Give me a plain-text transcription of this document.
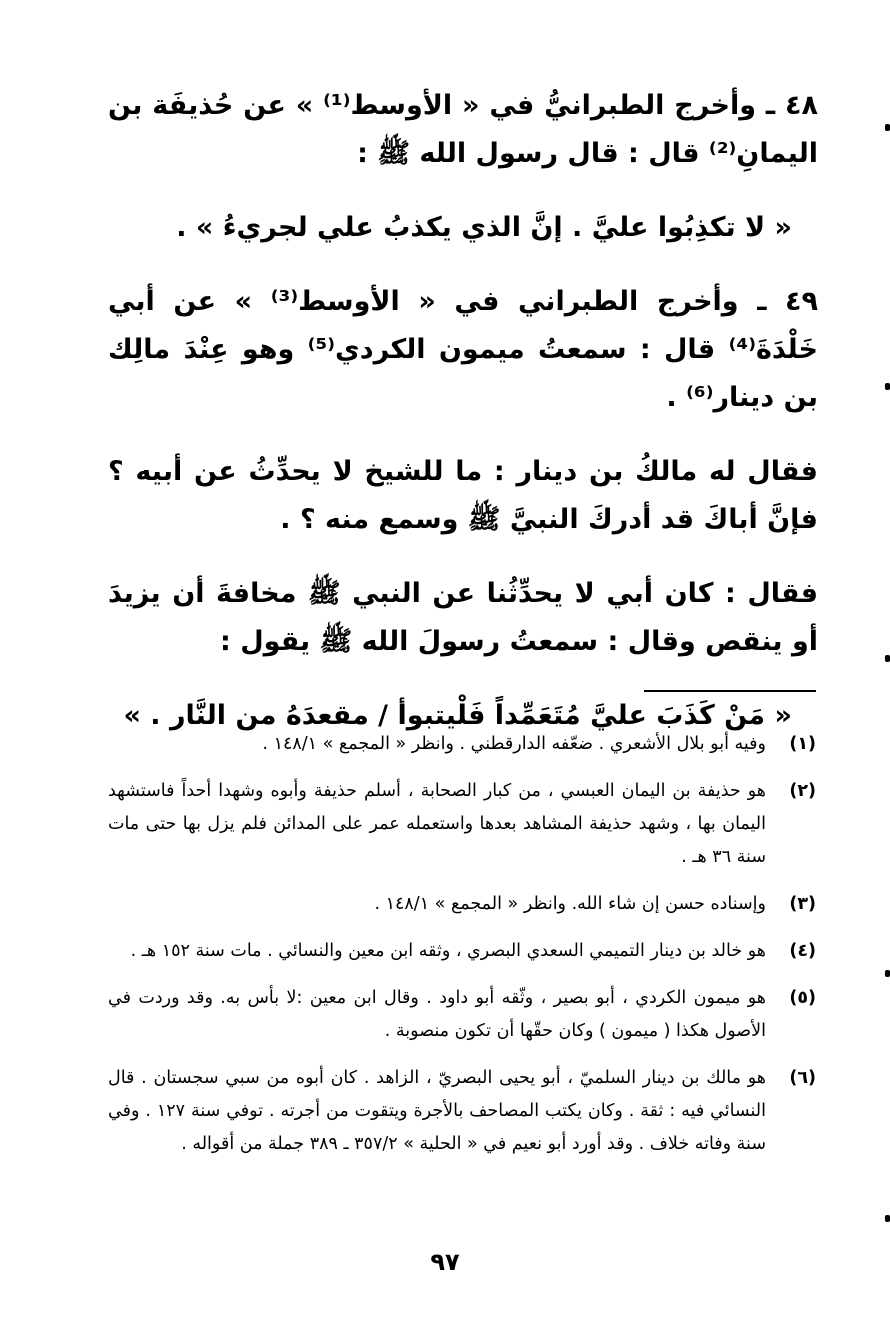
٤٨ ـ وأخرج الطبرانيُّ في « الأوسط⁽¹⁾ » عن حُذيفَة بن اليمانِ⁽²⁾ قال : قال رسول الله ﷺ :

« لا تكذِبُوا عليَّ . إنَّ الذي يكذبُ علي لجريءُ » .

٤٩ ـ وأخرج الطبراني في « الأوسط⁽³⁾ » عن أبي خَلْدَةَ⁽⁴⁾ قال : سمعتُ ميمون الكردي⁽⁵⁾ وهو عِنْدَ مالِك بن دينار⁽⁶⁾ .

فقال له مالكُ بن دينار : ما للشيخ لا يحدِّثُ عن أبيه ؟ فإنَّ أباكَ قد أدركَ النبيَّ ﷺ وسمع منه ؟ .

فقال : كان أبي لا يحدِّثُنا عن النبي ﷺ مخافةَ أن يزيدَ أو ينقص وقال : سمعتُ رسولَ الله ﷺ يقول :

« مَنْ كَذَبَ عليَّ مُتَعَمِّداً فَلْيتبوأ / مقعدَهُ من النَّار . »

(١)
وفيه أبو بلال الأشعري . ضعّفه الدارقطني . وانظر « المجمع » ١٤٨/١ .
(٢)
هو حذيفة بن اليمان العبسي ، من كبار الصحابة ، أسلم حذيفة وأبوه وشهدا أحداً فاستشهد اليمان بها ، وشهد حذيفة المشاهد بعدها واستعمله عمر على المدائن فلم يزل بها حتى مات سنة ٣٦ هـ .
(٣)
وإسناده حسن إن شاء الله. وانظر « المجمع » ١٤٨/١ .
(٤)
هو خالد بن دينار التميمي السعدي البصري ، وثقه ابن معين والنسائي . مات سنة ١٥٢ هـ .
(٥)
هو ميمون الكردي ، أبو بصير ، وثّقه أبو داود . وقال ابن معين :لا بأس به. وقد وردت في الأصول هكذا ( ميمون ) وكان حقّها أن تكون منصوبة .
(٦)
هو مالك بن دينار السلميّ ، أبو يحيى البصريّ ، الزاهد . كان أبوه من سبي سجستان . قال النسائي فيه : ثقة . وكان يكتب المصاحف بالأجرة ويتقوت من أجرته . توفي سنة ١٢٧ . وفي سنة وفاته خلاف . وقد أورد أبو نعيم في « الحلية » ٣٥٧/٢ ـ ٣٨٩ جملة من أقواله .
٩٧
